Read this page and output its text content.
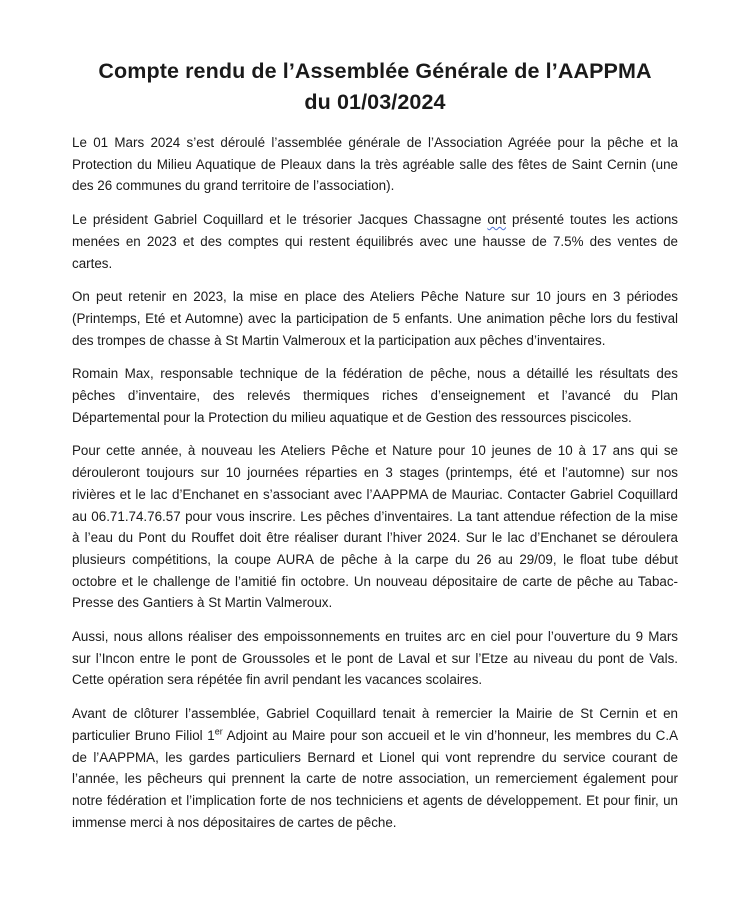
Compte rendu de l’Assemblée Générale de l’AAPPMA
du 01/03/2024

Le 01 Mars 2024 s’est déroulé l’assemblée générale de l’Association Agréée pour la pêche et la Protection du Milieu Aquatique de Pleaux dans la très agréable salle des fêtes de Saint Cernin (une des 26 communes du grand territoire de l’association).

Le président Gabriel Coquillard et le trésorier Jacques Chassagne ont présenté toutes les actions menées en 2023 et des comptes qui restent équilibrés avec une hausse de 7.5% des ventes de cartes.

On peut retenir en 2023, la mise en place des Ateliers Pêche Nature sur 10 jours en 3 périodes (Printemps, Eté et Automne) avec la participation de 5 enfants. Une animation pêche lors du festival des trompes de chasse à St Martin Valmeroux et la participation aux pêches d’inventaires.

Romain Max, responsable technique de la fédération de pêche, nous a détaillé les résultats des pêches d’inventaire, des relevés thermiques riches d’enseignement et l’avancé du Plan Départemental pour la Protection du milieu aquatique et de Gestion des ressources piscicoles.

Pour cette année, à nouveau les Ateliers Pêche et Nature pour 10 jeunes de 10 à 17 ans qui se dérouleront toujours sur 10 journées réparties en 3 stages (printemps, été et l’automne) sur nos rivières et le lac d’Enchanet en s’associant avec l’AAPPMA de Mauriac. Contacter Gabriel Coquillard au 06.71.74.76.57 pour vous inscrire. Les pêches d’inventaires. La tant attendue réfection de la mise à l’eau du Pont du Rouffet doit être réaliser durant l’hiver 2024. Sur le lac d’Enchanet se déroulera plusieurs compétitions, la coupe AURA de pêche à la carpe du 26 au 29/09, le float tube début octobre et le challenge de l’amitié fin octobre. Un nouveau dépositaire de carte de pêche au Tabac- Presse des Gantiers à St Martin Valmeroux.

Aussi, nous allons réaliser des empoissonnements en truites arc en ciel pour l’ouverture du 9 Mars sur l’Incon entre le pont de Groussoles et le pont de Laval et sur l’Etze au niveau du pont de Vals. Cette opération sera répétée fin avril pendant les vacances scolaires.

Avant de clôturer l’assemblée, Gabriel Coquillard tenait à remercier la Mairie de St Cernin et en particulier Bruno Filiol 1er Adjoint au Maire pour son accueil et le vin d’honneur, les membres du C.A de l’AAPPMA, les gardes particuliers Bernard et Lionel qui vont reprendre du service courant de l’année, les pêcheurs qui prennent la carte de notre association, un remerciement également pour notre fédération et l’implication forte de nos techniciens et agents de développement. Et pour finir, un immense merci à nos dépositaires de cartes de pêche.
